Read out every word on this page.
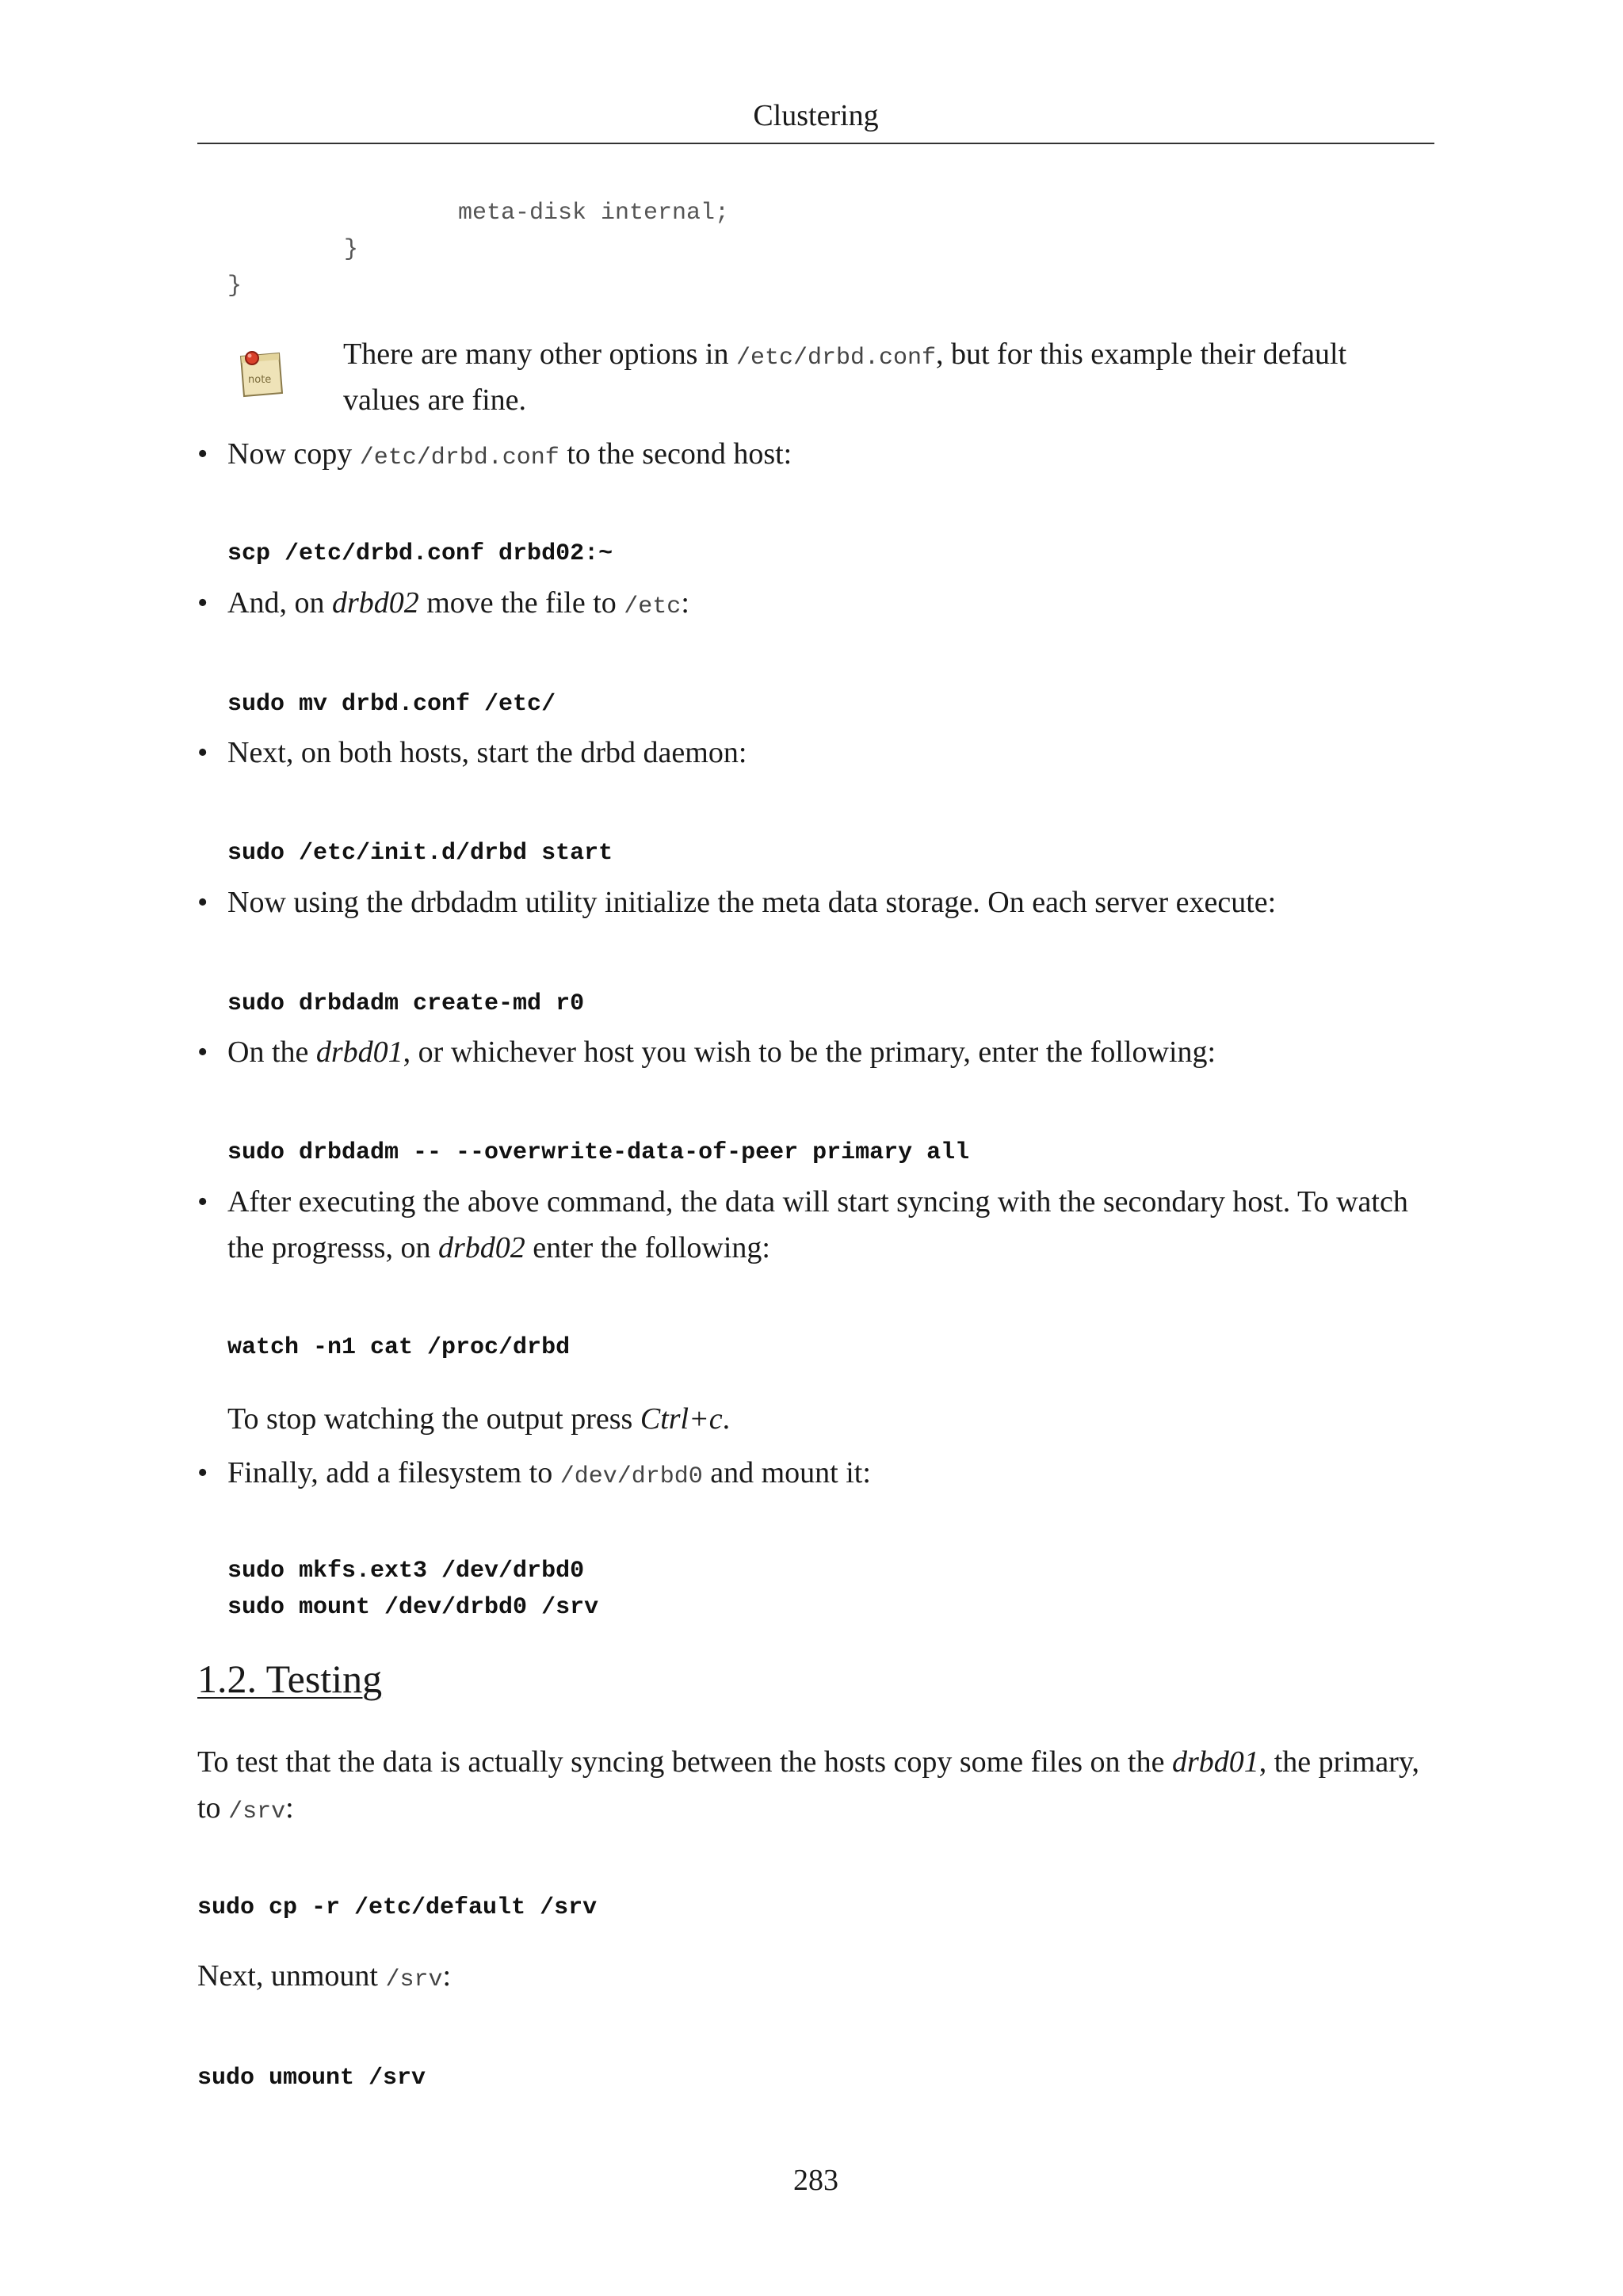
Clustering
meta-disk internal;
}
}
note

There are many other options in /etc/drbd.conf, but for this example their default

values are fine.

• Now copy /etc/drbd.conf to the second host:

scp /etc/drbd.conf drbd02:~
• And, on drbd02 move the file to /etc:

sudo mv drbd.conf /etc/
• Next, on both hosts, start the drbd daemon:

sudo /etc/init.d/drbd start
• Now using the drbdadm utility initialize the meta data storage. On each server execute:

sudo drbdadm create-md r0
• On the drbd01, or whichever host you wish to be the primary, enter the following:

sudo drbdadm -- --overwrite-data-of-peer primary all
• After executing the above command, the data will start syncing with the secondary host. To watch

the progresss, on drbd02 enter the following:

watch -n1 cat /proc/drbd

To stop watching the output press Ctrl+c.

• Finally, add a filesystem to /dev/drbd0 and mount it:

sudo mkfs.ext3 /dev/drbd0
sudo mount /dev/drbd0 /srv
1.2. Testing

To test that the data is actually syncing between the hosts copy some files on the drbd01, the primary,

to /srv:

sudo cp -r /etc/default /srv

Next, unmount /srv:

sudo umount /srv
283
